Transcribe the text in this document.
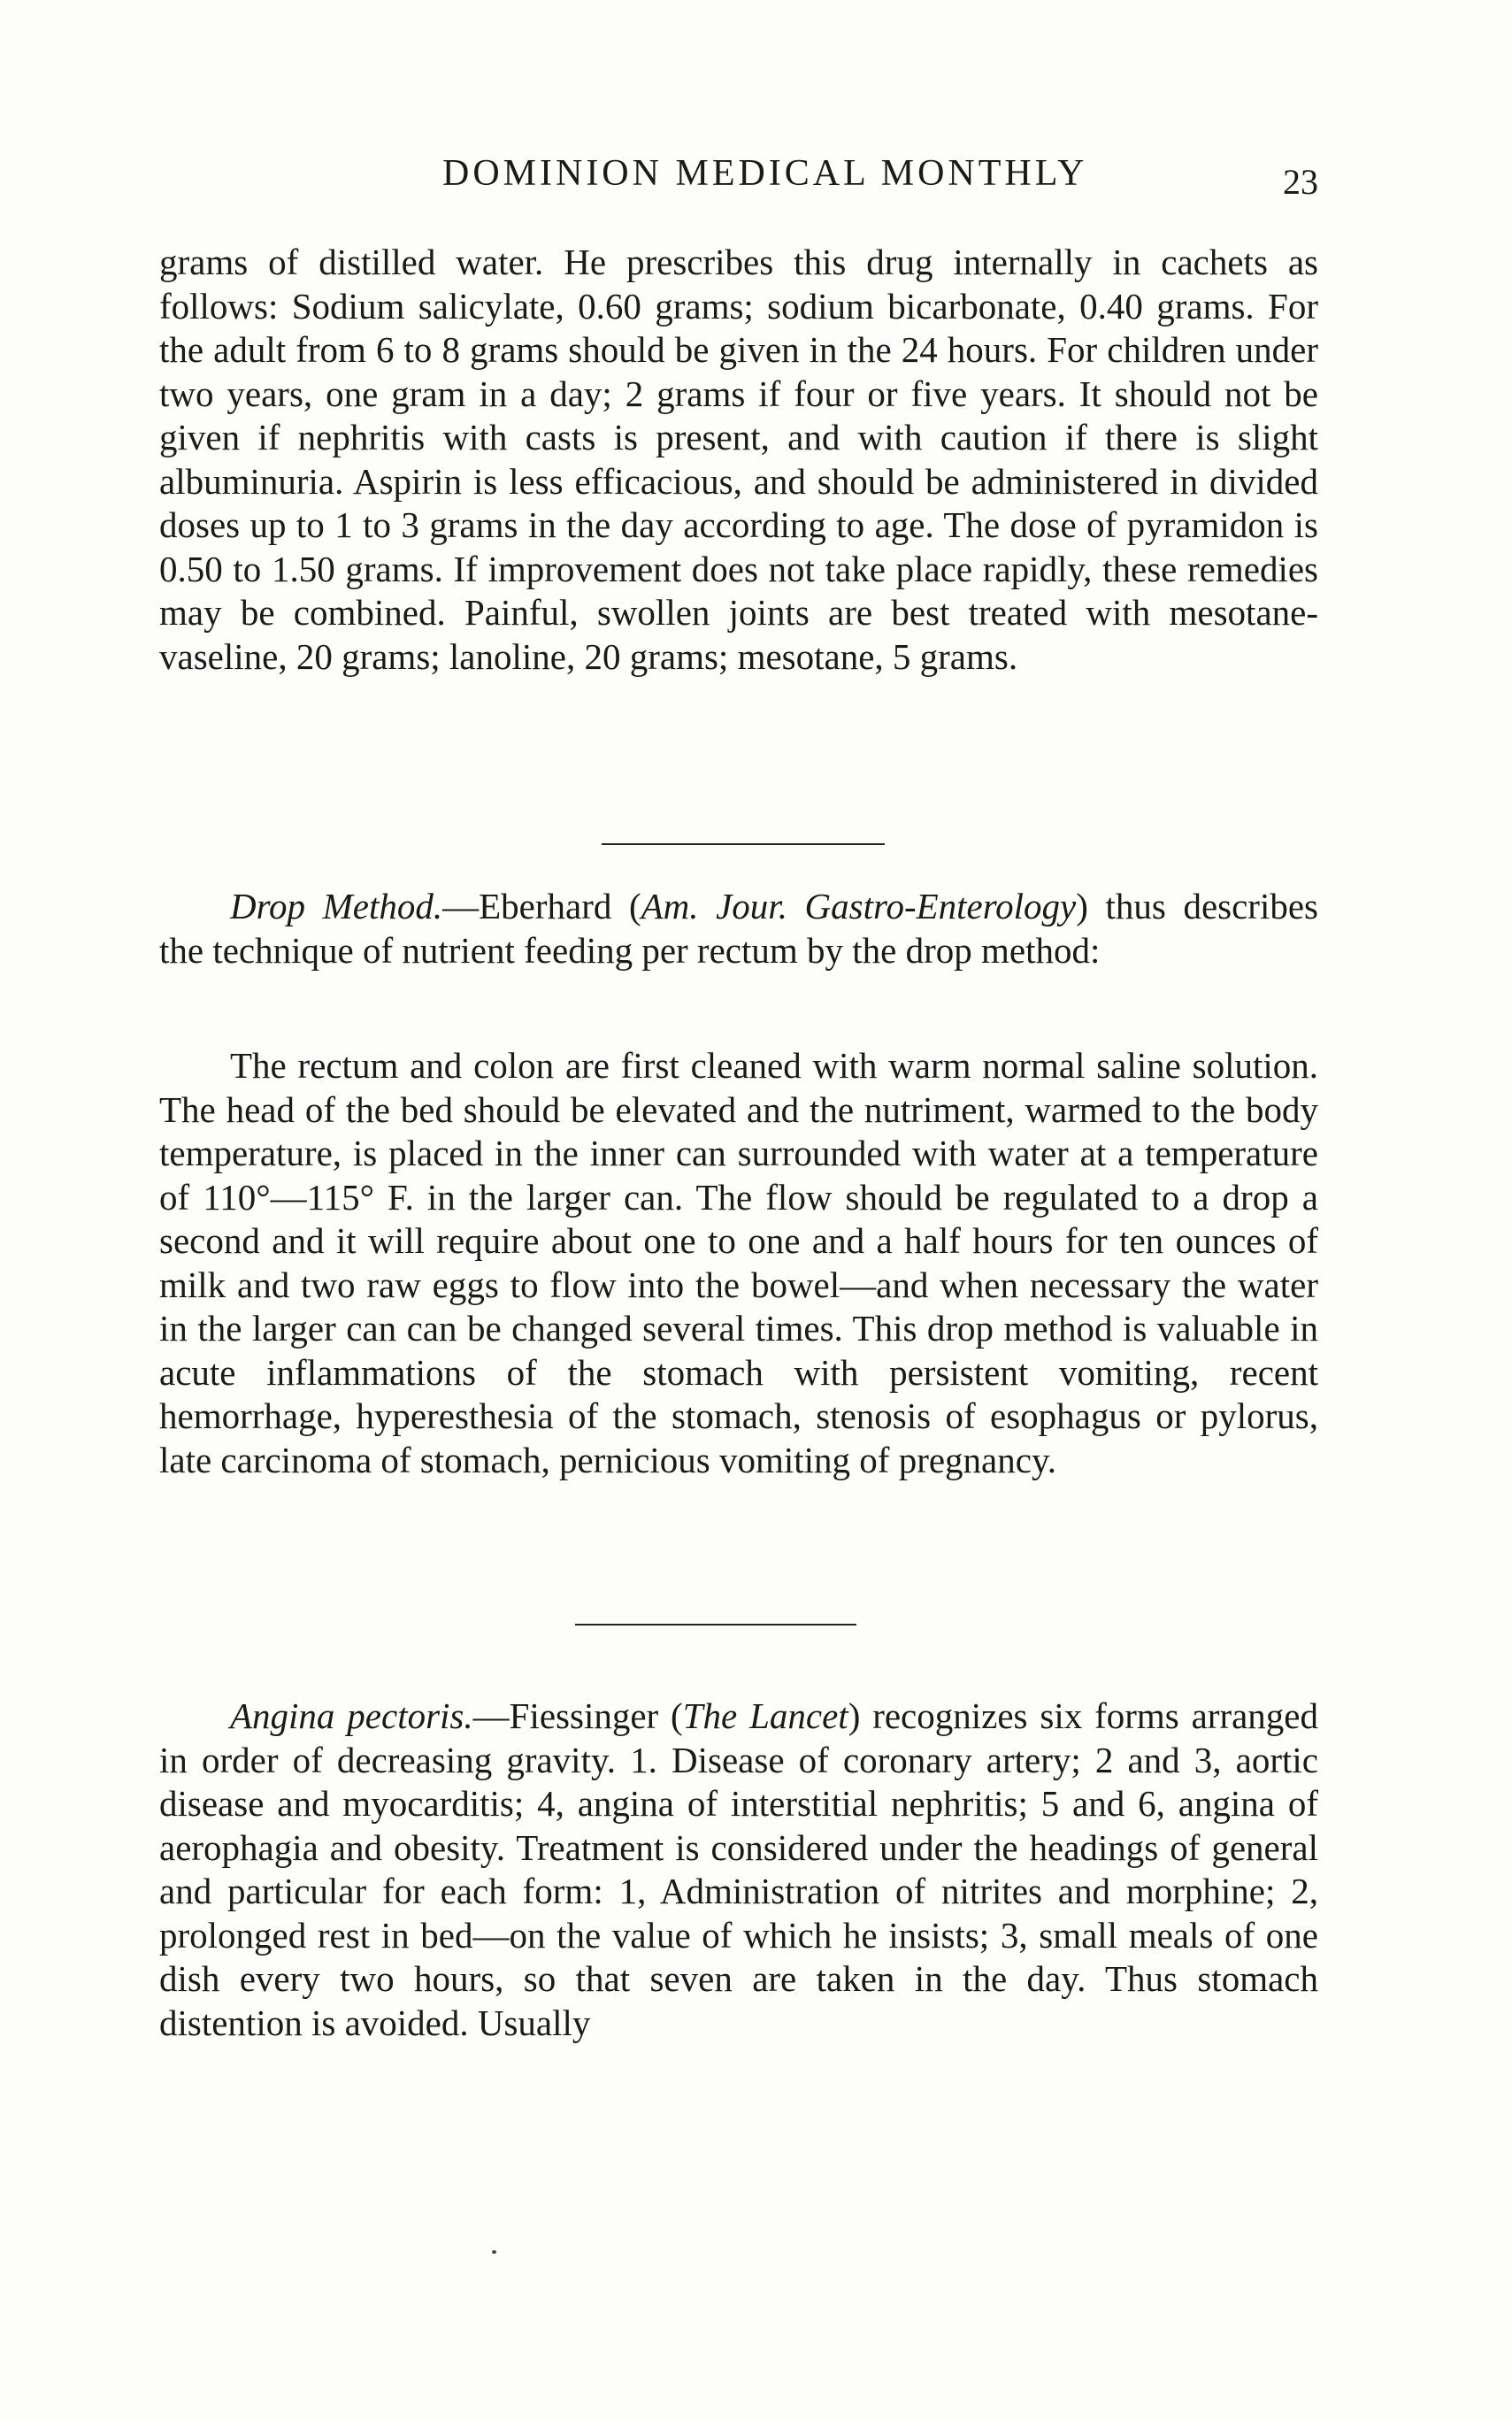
DOMINION MEDICAL MONTHLY	23

grams of distilled water. He prescribes this drug internally in cachets as follows: Sodium salicylate, 0.60 grams; sodium bicarbonate, 0.40 grams. For the adult from 6 to 8 grams should be given in the 24 hours. For children under two years, one gram in a day; 2 grams if four or five years. It should not be given if nephritis with casts is present, and with caution if there is slight albuminuria. Aspirin is less efficacious, and should be administered in divided doses up to 1 to 3 grams in the day according to age. The dose of pyramidon is 0.50 to 1.50 grams. If improvement does not take place rapidly, these remedies may be combined. Painful, swollen joints are best treated with mesotane-vaseline, 20 grams; lanoline, 20 grams; mesotane, 5 grams.

Drop Method.—Eberhard (Am. Jour. Gastro-Enterology) thus describes the technique of nutrient feeding per rectum by the drop method:

The rectum and colon are first cleaned with warm normal saline solution. The head of the bed should be elevated and the nutriment, warmed to the body temperature, is placed in the inner can surrounded with water at a temperature of 110°—115° F. in the larger can. The flow should be regulated to a drop a second and it will require about one to one and a half hours for ten ounces of milk and two raw eggs to flow into the bowel—and when necessary the water in the larger can can be changed several times. This drop method is valuable in acute inflammations of the stomach with persistent vomiting, recent hemorrhage, hyperesthesia of the stomach, stenosis of esophagus or pylorus, late carcinoma of stomach, pernicious vomiting of pregnancy.

Angina pectoris.—Fiessinger (The Lancet) recognizes six forms arranged in order of decreasing gravity. 1. Disease of coronary artery; 2 and 3, aortic disease and myocarditis; 4, angina of interstitial nephritis; 5 and 6, angina of aerophagia and obesity. Treatment is considered under the headings of general and particular for each form: 1, Administration of nitrites and morphine; 2, prolonged rest in bed—on the value of which he insists; 3, small meals of one dish every two hours, so that seven are taken in the day. Thus stomach distention is avoided. Usually
